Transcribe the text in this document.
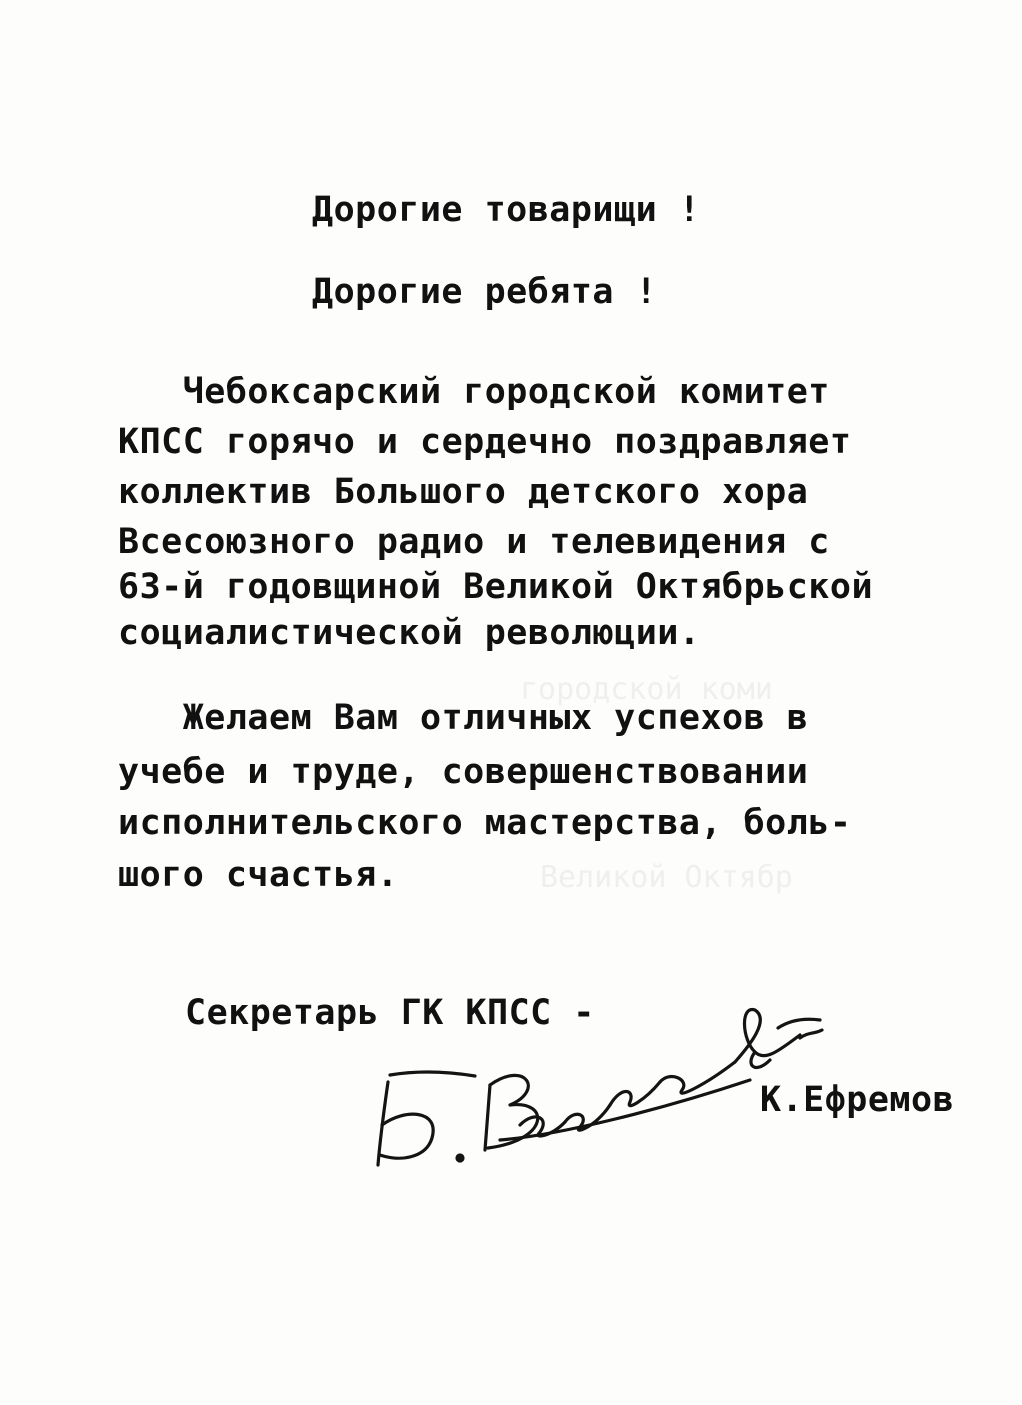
городской коми
Великой Октябр
Дорогие товарищи !
Дорогие ребята !
Чебоксарский городской комитет
КПСС горячо и сердечно поздравляет
коллектив Большого детского хора
Всесоюзного радио и телевидения с
63-й годовщиной Великой Октябрьской
социалистической революции.
Желаем Вам отличных успехов в
учебе и труде, совершенствовании
исполнительского мастерства, боль-
шого счастья.
Секретарь ГК КПСС -
К.Ефремов
